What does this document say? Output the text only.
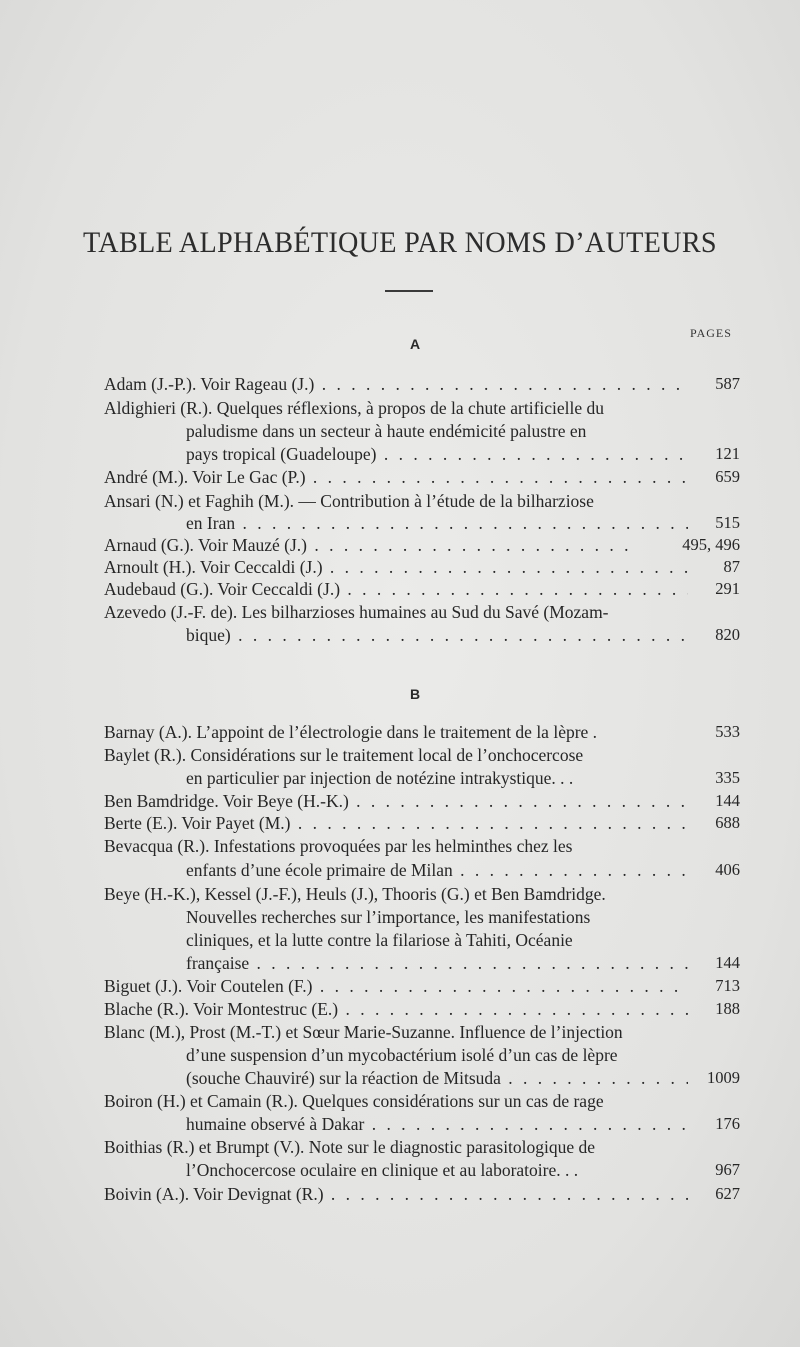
TABLE ALPHABÉTIQUE PAR NOMS D’AUTEURS
PAGES
A
Adam (J.-P.). Voir Rageau (J.) . . .	587
Aldighieri (R.). Quelques réflexions, à propos de la chute artificielle du
paludisme dans un secteur à haute endémicité palustre en
pays tropical (Guadeloupe) . . .	121
André (M.). Voir Le Gac (P.) . . .	659
Ansari (N.) et Faghih (M.). — Contribution à l’étude de la bilharziose
en Iran . . .	515
Arnaud (G.). Voir Mauzé (J.) . . .	495, 496
Arnoult (H.). Voir Ceccaldi (J.) . . .	87
Audebaud (G.). Voir Ceccaldi (J.) . . .	291
Azevedo (J.-F. de). Les bilharzioses humaines au Sud du Savé (Mozam-
bique) . . .	820
B
Barnay (A.). L’appoint de l’électrologie dans le traitement de la lèpre .	533
Baylet (R.). Considérations sur le traitement local de l’onchocercose
en particulier par injection de notézine intrakystique. . .	335
Ben Bamdridge. Voir Beye (H.-K.) . . .	144
Berte (E.). Voir Payet (M.) . . .	688
Bevacqua (R.). Infestations provoquées par les helminthes chez les
enfants d’une école primaire de Milan . . .	406
Beye (H.-K.), Kessel (J.-F.), Heuls (J.), Thooris (G.) et Ben Bamdridge.
Nouvelles recherches sur l’importance, les manifestations
cliniques, et la lutte contre la filariose à Tahiti, Océanie
française . . .	144
Biguet (J.). Voir Coutelen (F.) . . .	713
Blache (R.). Voir Montestruc (E.) . . .	188
Blanc (M.), Prost (M.-T.) et Sœur Marie-Suzanne. Influence de l’injection
d’une suspension d’un mycobactérium isolé d’un cas de lèpre
(souche Chauviré) sur la réaction de Mitsuda . . .	1009
Boiron (H.) et Camain (R.). Quelques considérations sur un cas de rage
humaine observé à Dakar . . .	176
Boithias (R.) et Brumpt (V.). Note sur le diagnostic parasitologique de
l’Onchocercose oculaire en clinique et au laboratoire. . .	967
Boivin (A.). Voir Devignat (R.) . . .	627
